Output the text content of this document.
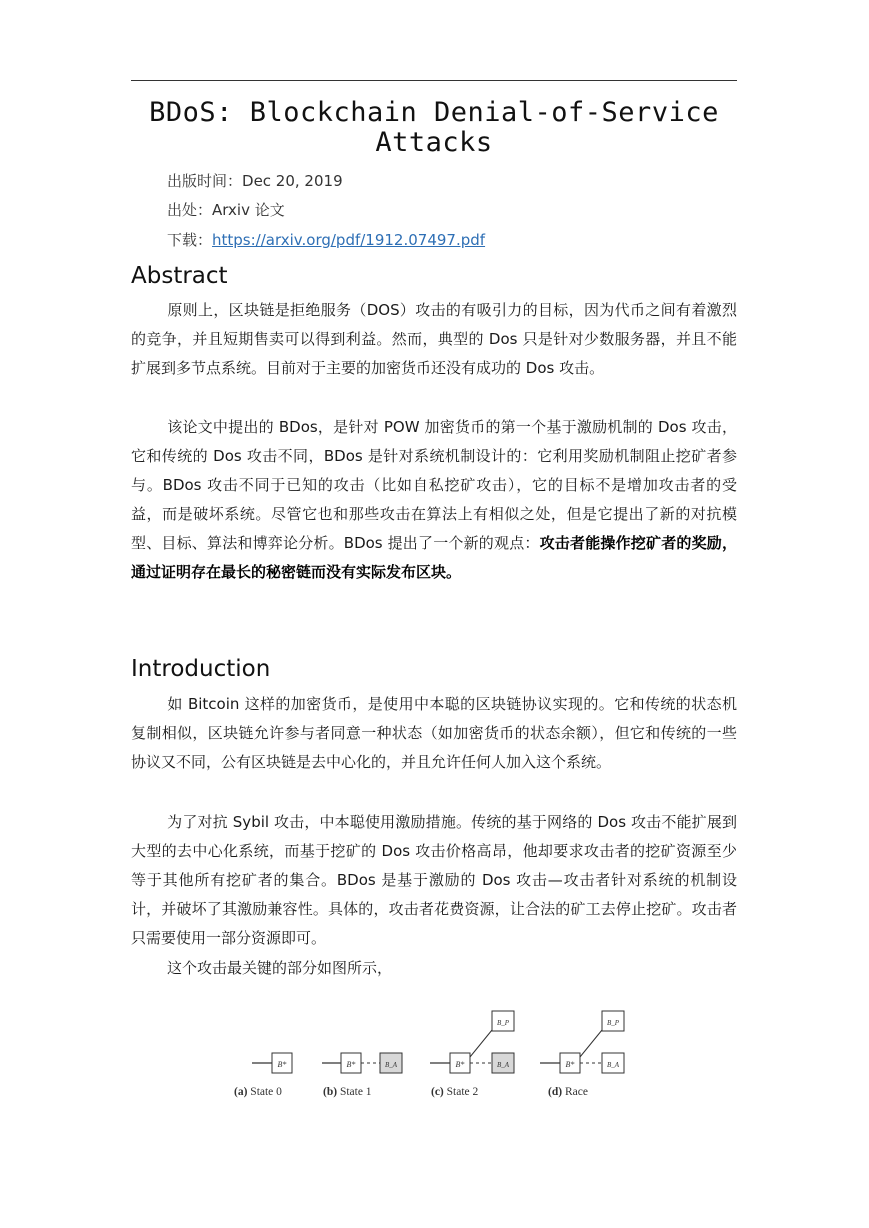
BDoS: Blockchain Denial-of-Service Attacks
出版时间：Dec 20, 2019
出处：Arxiv 论文
下载：https://arxiv.org/pdf/1912.07497.pdf
Abstract
原则上，区块链是拒绝服务（DOS）攻击的有吸引力的目标，因为代币之间有着激烈的竞争，并且短期售卖可以得到利益。然而，典型的 Dos 只是针对少数服务器，并且不能扩展到多节点系统。目前对于主要的加密货币还没有成功的 Dos 攻击。
该论文中提出的 BDos，是针对 POW 加密货币的第一个基于激励机制的 Dos 攻击，它和传统的 Dos 攻击不同，BDos 是针对系统机制设计的：它利用奖励机制阻止挖矿者参与。BDos 攻击不同于已知的攻击（比如自私挖矿攻击），它的目标不是增加攻击者的受益，而是破坏系统。尽管它也和那些攻击在算法上有相似之处，但是它提出了新的对抗模型、目标、算法和博弈论分析。BDos 提出了一个新的观点：攻击者能操作挖矿者的奖励，通过证明存在最长的秘密链而没有实际发布区块。
Introduction
如 Bitcoin 这样的加密货币，是使用中本聪的区块链协议实现的。它和传统的状态机复制相似，区块链允许参与者同意一种状态（如加密货币的状态余额），但它和传统的一些协议又不同，公有区块链是去中心化的，并且允许任何人加入这个系统。
为了对抗 Sybil 攻击，中本聪使用激励措施。传统的基于网络的 Dos 攻击不能扩展到大型的去中心化系统，而基于挖矿的 Dos 攻击价格高昂，他却要求攻击者的挖矿资源至少等于其他所有挖矿者的集合。BDos 是基于激励的 Dos 攻击—攻击者针对系统的机制设计，并破坏了其激励兼容性。具体的，攻击者花费资源，让合法的矿工去停止挖矿。攻击者只需要使用一部分资源即可。
这个攻击最关键的部分如图所示，
B*
(a) State 0
B*	B_A
(b) State 1
B*
B_P
B_A
(c) State 2
B*
B_P
B_A
(d) Race
